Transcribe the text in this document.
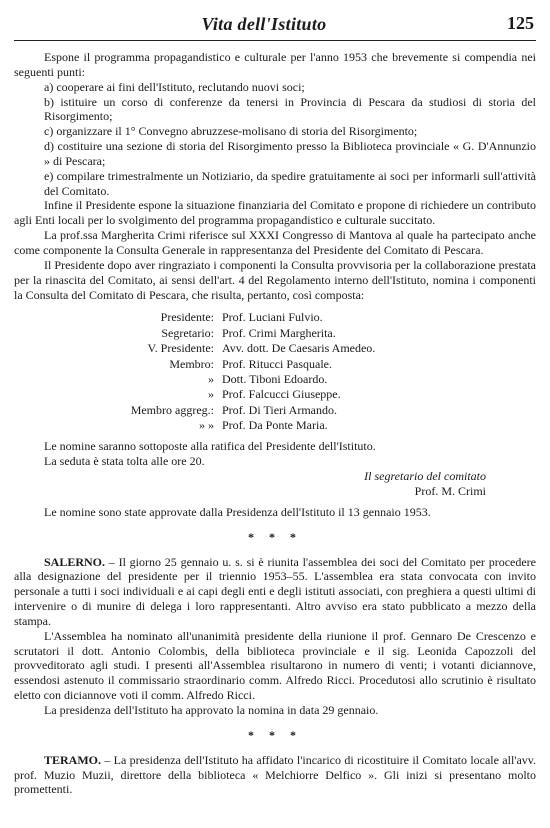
Vita dell'Istituto	125

Espone il programma propagandistico e culturale per l'anno 1953 che brevemente si compendia nei seguenti punti:

a) cooperare ai fini dell'Istituto, reclutando nuovi soci;

b) istituire un corso di conferenze da tenersi in Provincia di Pescara da studiosi di storia del Risorgimento;

c) organizzare il 1° Convegno abruzzese-molisano di storia del Risorgimento;

d) costituire una sezione di storia del Risorgimento presso la Biblioteca provinciale « G. D'Annunzio » di Pescara;

e) compilare trimestralmente un Notiziario, da spedire gratuitamente ai soci per informarli sull'attività del Comitato.

Infine il Presidente espone la situazione finanziaria del Comitato e propone di richiedere un contributo agli Enti locali per lo svolgimento del programma propagandistico e culturale succitato.

La prof.ssa Margherita Crimi riferisce sul XXXI Congresso di Mantova al quale ha partecipato anche come componente la Consulta Generale in rappresentanza del Presidente del Comitato di Pescara.

Il Presidente dopo aver ringraziato i componenti la Consulta provvisoria per la collaborazione prestata per la rinascita del Comitato, ai sensi dell'art. 4 del Regolamento interno dell'Istituto, nomina i componenti la Consulta del Comitato di Pescara, che risulta, pertanto, così composta:

Presidente: Prof. Luciani Fulvio.
Segretario: Prof. Crimi Margherita.
V. Presidente: Avv. dott. De Caesaris Amedeo.
Membro: Prof. Ritucci Pasquale.
» Dott. Tiboni Edoardo.
» Prof. Falcucci Giuseppe.
Membro aggreg.: Prof. Di Tieri Armando.
» » Prof. Da Ponte Maria.

Le nomine saranno sottoposte alla ratifica del Presidente dell'Istituto.

La seduta è stata tolta alle ore 20.

Il segretario del comitato
Prof. M. Crimi

Le nomine sono state approvate dalla Presidenza dell'Istituto il 13 gennaio 1953.

* * *

SALERNO. – Il giorno 25 gennaio u. s. si è riunita l'assemblea dei soci del Comitato per procedere alla designazione del presidente per il triennio 1953–55. L'assemblea era stata convocata con invito personale a tutti i soci individuali e ai capi degli enti e degli istituti associati, con preghiera a questi ultimi di intervenire o di munire di delega i loro rappresentanti. Altro avviso era stato pubblicato a mezzo della stampa.

L'Assemblea ha nominato all'unanimità presidente della riunione il prof. Gennaro De Crescenzo e scrutatori il dott. Antonio Colombis, della biblioteca provinciale e il sig. Leonida Capozzoli del provveditorato agli studi. I presenti all'Assemblea risultarono in numero di venti; i votanti diciannove, essendosi astenuto il commissario straordinario comm. Alfredo Ricci. Procedutosi allo scrutinio è risultato eletto con diciannove voti il comm. Alfredo Ricci.

La presidenza dell'Istituto ha approvato la nomina in data 29 gennaio.

* * *

TERAMO. – La presidenza dell'Istituto ha affidato l'incarico di ricostituire il Comitato locale all'avv. prof. Muzio Muzii, direttore della biblioteca « Melchiorre Delfico ». Gli inizi si presentano molto promettenti.
